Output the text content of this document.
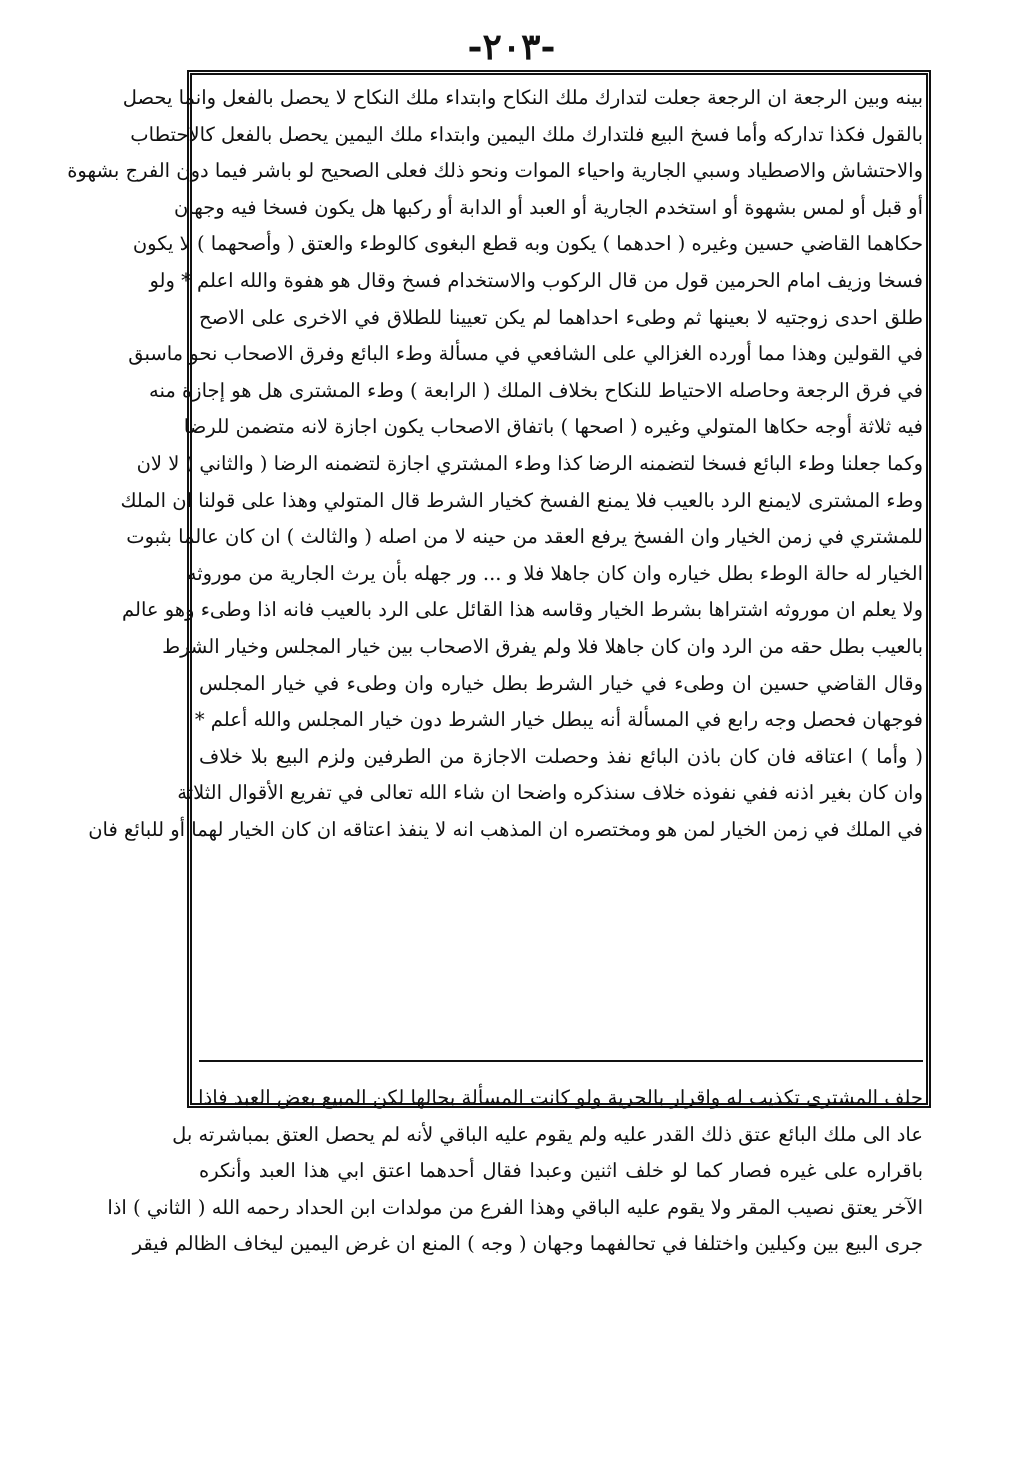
-٢٠٣-
بينه وبين الرجعة ان الرجعة جعلت لتدارك ملك النكاح وابتداء ملك النكاح لا يحصل بالفعل وانما يحصل
بالقول فكذا تداركه وأما فسخ البيع فلتدارك ملك اليمين وابتداء ملك اليمين يحصل بالفعل كالاحتطاب
والاحتشاش والاصطياد وسبي الجارية واحياء الموات ونحو ذلك فعلى الصحيح لو باشر فيما دون الفرج بشهوة
أو قبل أو لمس بشهوة أو استخدم الجارية أو العبد أو الدابة أو ركبها هل يكون فسخا فيه وجهان
حكاهما القاضي حسين وغيره ( احدهما ) يكون وبه قطع البغوى كالوطء والعتق ( وأصحهما ) لا يكون
فسخا وزيف امام الحرمين قول من قال الركوب والاستخدام فسخ وقال هو هفوة والله اعلم * ولو
طلق احدى زوجتيه لا بعينها ثم وطىء احداهما لم يكن تعيينا للطلاق في الاخرى على الاصح
في القولين وهذا مما أورده الغزالي على الشافعي في مسألة وطء البائع وفرق الاصحاب نحو ماسبق
في فرق الرجعة وحاصله الاحتياط للنكاح بخلاف الملك ( الرابعة ) وطء المشترى هل هو إجازة منه
فيه ثلاثة أوجه حكاها المتولي وغيره ( اصحها ) باتفاق الاصحاب يكون اجازة لانه متضمن للرضا
وكما جعلنا وطء البائع فسخا لتضمنه الرضا كذا وطء المشتري اجازة لتضمنه الرضا ( والثاني ) لا لان
وطء المشترى لايمنع الرد بالعيب فلا يمنع الفسخ كخيار الشرط قال المتولي وهذا على قولنا ان الملك
للمشتري في زمن الخيار وان الفسخ يرفع العقد من حينه لا من اصله ( والثالث ) ان كان عالما بثبوت
الخيار له حالة الوطء بطل خياره وان كان جاهلا فلا و ... ور جهله بأن يرث الجارية من موروثه
ولا يعلم ان موروثه اشتراها بشرط الخيار وقاسه هذا القائل على الرد بالعيب فانه اذا وطىء وهو عالم
بالعيب بطل حقه من الرد وان كان جاهلا فلا ولم يفرق الاصحاب بين خيار المجلس وخيار الشرط
وقال القاضي حسين ان وطىء في خيار الشرط بطل خياره وان وطىء في خيار المجلس
فوجهان فحصل وجه رابع في المسألة أنه يبطل خيار الشرط دون خيار المجلس والله أعلم *
( وأما ) اعتاقه فان كان باذن البائع نفذ وحصلت الاجازة من الطرفين ولزم البيع بلا خلاف
وان كان بغير اذنه ففي نفوذه خلاف سنذكره واضحا ان شاء الله تعالى في تفريع الأقوال الثلاثة
في الملك في زمن الخيار لمن هو ومختصره ان المذهب انه لا ينفذ اعتاقه ان كان الخيار لهما أو للبائع فان
حلف المشترى تكذيب له واقرار بالحرية ولو كانت المسألة بحالها لكن المبيع بعض العبد فاذا
عاد الى ملك البائع عتق ذلك القدر عليه ولم يقوم عليه الباقي لأنه لم يحصل العتق بمباشرته بل
باقراره على غيره فصار كما لو خلف اثنين وعبدا فقال أحدهما اعتق ابي هذا العبد وأنكره
الآخر يعتق نصيب المقر ولا يقوم عليه الباقي وهذا الفرع من مولدات ابن الحداد رحمه الله ( الثاني ) اذا
جرى البيع بين وكيلين واختلفا في تحالفهما وجهان ( وجه ) المنع ان غرض اليمين ليخاف الظالم فيقر
